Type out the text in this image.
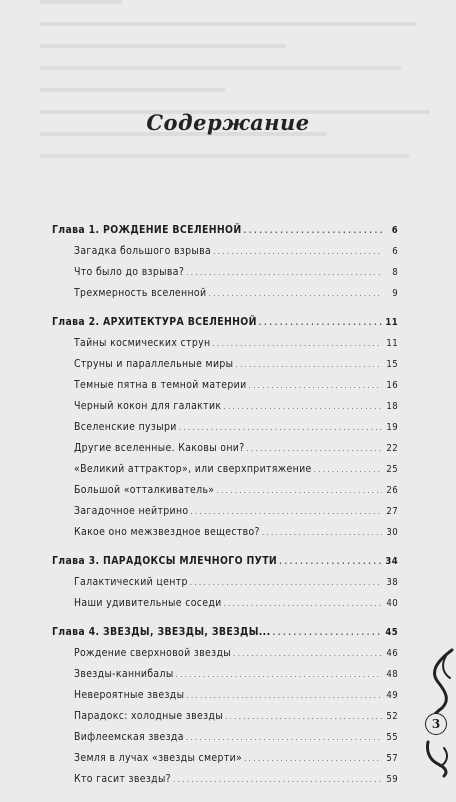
Содержание
Глава 1. РОЖДЕНИЕ ВСЕЛЕННОЙ . . .	6
Загадка большого взрыва . . .	6
Что было до взрыва? . . .	8
Трехмерность вселенной . . .	9
Глава 2. АРХИТЕКТУРА ВСЕЛЕННОЙ . . .	11
Тайны космических струн . . .	11
Струны и параллельные миры . . .	15
Темные пятна в темной материи . . .	16
Черный кокон для галактик . . .	18
Вселенские пузыри . . .	19
Другие вселенные. Каковы они? . . .	22
«Великий аттрактор», или сверхпритяжение . . .	25
Большой «отталкиватель» . . .	26
Загадочное нейтрино . . .	27
Какое оно межзвездное вещество? . . .	30
Глава 3. ПАРАДОКСЫ МЛЕЧНОГО ПУТИ . . .	34
Галактический центр . . .	38
Наши удивительные соседи . . .	40
Глава 4. ЗВЕЗДЫ, ЗВЕЗДЫ, ЗВЕЗДЫ... . . .	45
Рождение сверхновой звезды . . .	46
Звезды-каннибалы . . .	48
Невероятные звезды . . .	49
Парадокс: холодные звезды . . .	52
Вифлеемская звезда . . .	55
Земля в лучах «звезды смерти» . . .	57
Кто гасит звезды? . . .	59
3
